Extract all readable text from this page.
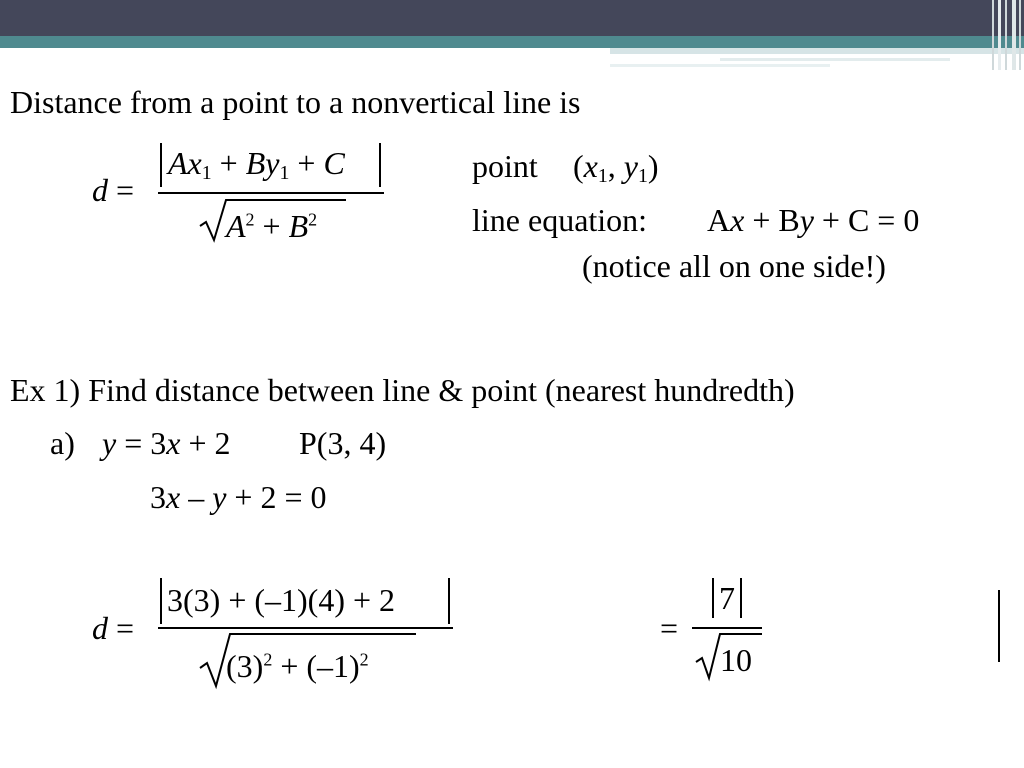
Distance from a point to a nonvertical line is
d =
$Ax_1 + By_1 + C$
$A^2 + B^2$
point ($x_1$, $y_1$)
line equation: Ax + By + C = 0
(notice all on one side!)
Ex 1) Find distance between line & point (nearest hundredth)
a) y = 3x + 2 P(3, 4)
3x – y + 2 = 0
d =
3(3) + (–1)(4) + 2
$(3)^2 + (-1)^2$
=
7
10
